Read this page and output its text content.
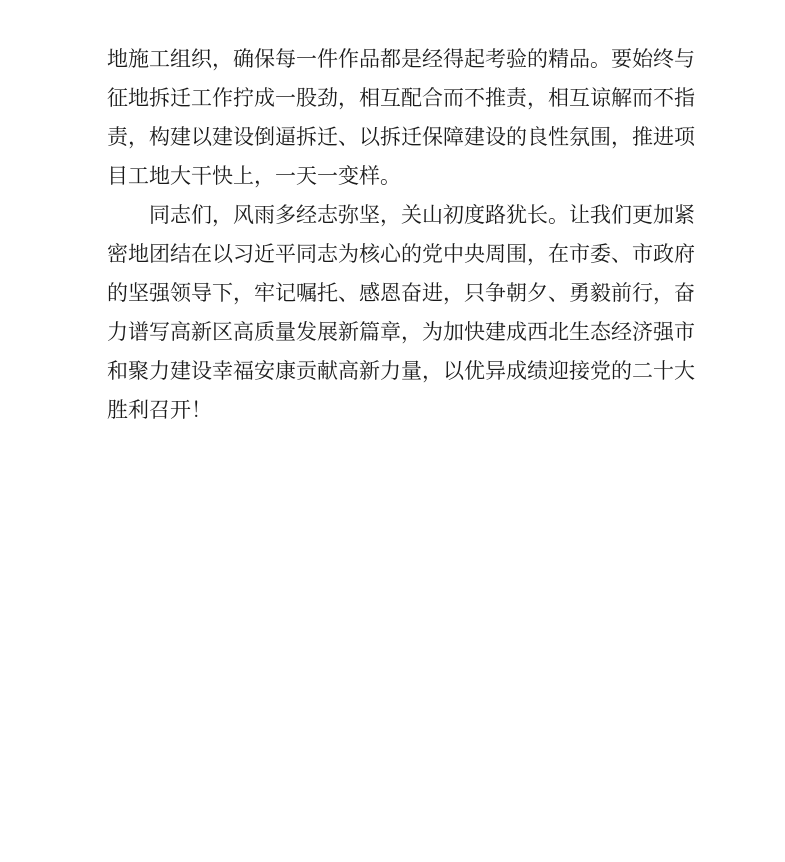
地施工组织，确保每一件作品都是经得起考验的精品。要始终与征地拆迁工作拧成一股劲，相互配合而不推责，相互谅解而不指责，构建以建设倒逼拆迁、以拆迁保障建设的良性氛围，推进项目工地大干快上，一天一变样。

同志们，风雨多经志弥坚，关山初度路犹长。让我们更加紧密地团结在以习近平同志为核心的党中央周围，在市委、市政府的坚强领导下，牢记嘱托、感恩奋进，只争朝夕、勇毅前行，奋力谱写高新区高质量发展新篇章，为加快建成西北生态经济强市和聚力建设幸福安康贡献高新力量，以优异成绩迎接党的二十大胜利召开！
